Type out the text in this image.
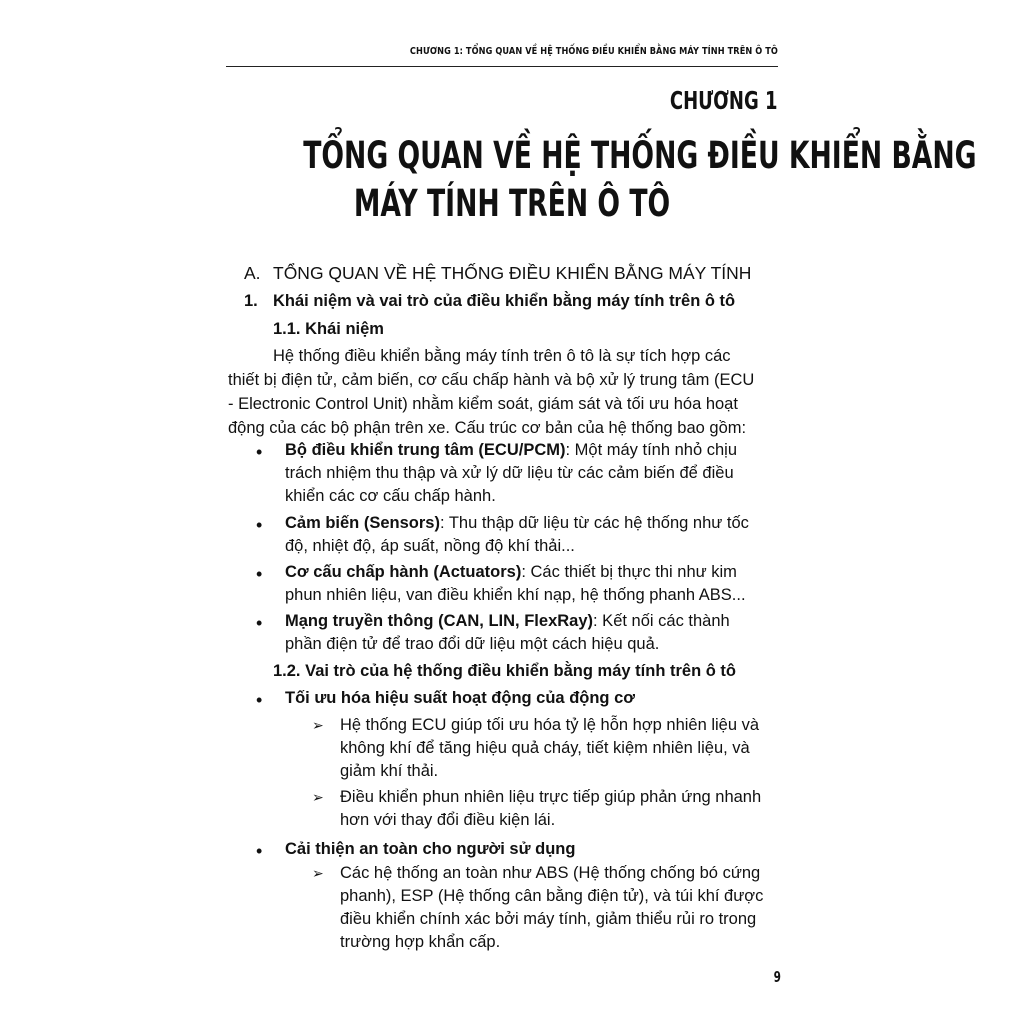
CHƯƠNG 1: TỔNG QUAN VỀ HỆ THỐNG ĐIỀU KHIỂN BẰNG MÁY TÍNH TRÊN Ô TÔ
CHƯƠNG 1
TỔNG QUAN VỀ HỆ THỐNG ĐIỀU KHIỂN BẰNG
MÁY TÍNH TRÊN Ô TÔ
A. TỔNG QUAN VỀ HỆ THỐNG ĐIỀU KHIỂN BẰNG MÁY TÍNH
1. Khái niệm và vai trò của điều khiển bằng máy tính trên ô tô
1.1. Khái niệm
Hệ thống điều khiển bằng máy tính trên ô tô là sự tích hợp các
thiết bị điện tử, cảm biến, cơ cấu chấp hành và bộ xử lý trung tâm (ECU
- Electronic Control Unit) nhằm kiểm soát, giám sát và tối ưu hóa hoạt
động của các bộ phận trên xe. Cấu trúc cơ bản của hệ thống bao gồm:
• Bộ điều khiển trung tâm (ECU/PCM): Một máy tính nhỏ chịu
trách nhiệm thu thập và xử lý dữ liệu từ các cảm biến để điều
khiển các cơ cấu chấp hành.
• Cảm biến (Sensors): Thu thập dữ liệu từ các hệ thống như tốc
độ, nhiệt độ, áp suất, nồng độ khí thải...
• Cơ cấu chấp hành (Actuators): Các thiết bị thực thi như kim
phun nhiên liệu, van điều khiển khí nạp, hệ thống phanh ABS...
• Mạng truyền thông (CAN, LIN, FlexRay): Kết nối các thành
phần điện tử để trao đổi dữ liệu một cách hiệu quả.
1.2. Vai trò của hệ thống điều khiển bằng máy tính trên ô tô
• Tối ưu hóa hiệu suất hoạt động của động cơ
➢ Hệ thống ECU giúp tối ưu hóa tỷ lệ hỗn hợp nhiên liệu và
không khí để tăng hiệu quả cháy, tiết kiệm nhiên liệu, và
giảm khí thải.
➢ Điều khiển phun nhiên liệu trực tiếp giúp phản ứng nhanh
hơn với thay đổi điều kiện lái.
• Cải thiện an toàn cho người sử dụng
➢ Các hệ thống an toàn như ABS (Hệ thống chống bó cứng
phanh), ESP (Hệ thống cân bằng điện tử), và túi khí được
điều khiển chính xác bởi máy tính, giảm thiểu rủi ro trong
trường hợp khẩn cấp.
9
